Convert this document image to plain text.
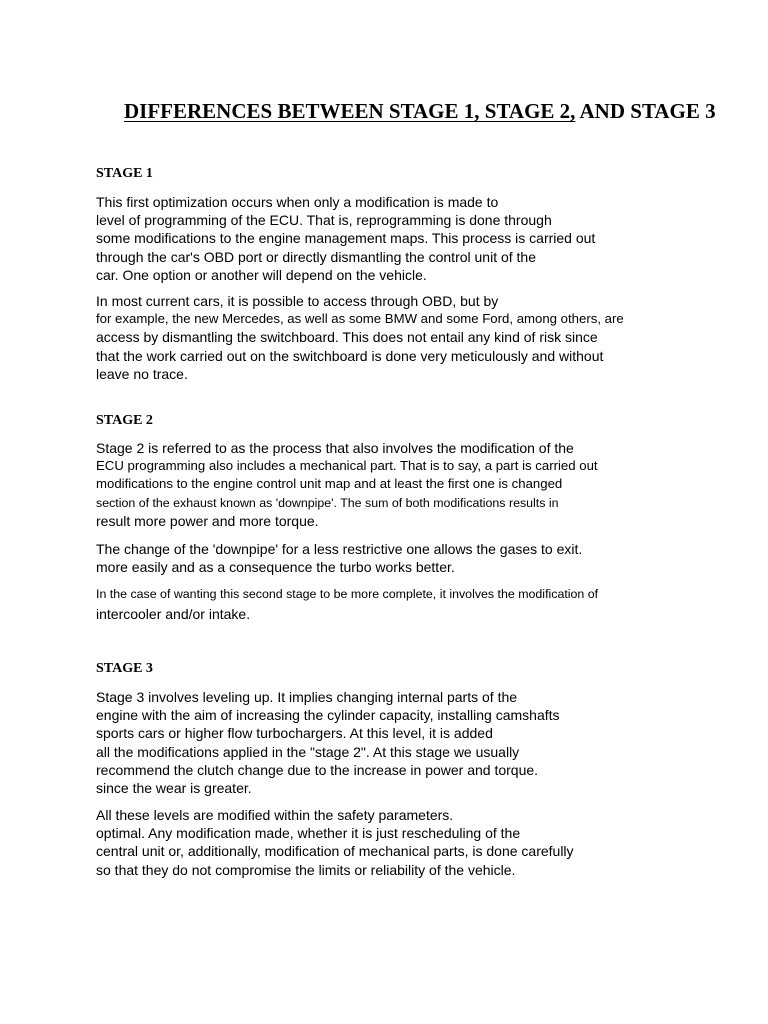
DIFFERENCES BETWEEN STAGE 1, STAGE 2, AND STAGE 3
STAGE 1
This first optimization occurs when only a modification is made to
level of programming of the ECU. That is, reprogramming is done through
some modifications to the engine management maps. This process is carried out
through the car's OBD port or directly dismantling the control unit of the
car. One option or another will depend on the vehicle.
In most current cars, it is possible to access through OBD, but by
for example, the new Mercedes, as well as some BMW and some Ford, among others, are
access by dismantling the switchboard. This does not entail any kind of risk since
that the work carried out on the switchboard is done very meticulously and without
leave no trace.
STAGE 2
Stage 2 is referred to as the process that also involves the modification of the
ECU programming also includes a mechanical part. That is to say, a part is carried out
modifications to the engine control unit map and at least the first one is changed
section of the exhaust known as 'downpipe'. The sum of both modifications results in
result more power and more torque.
The change of the 'downpipe' for a less restrictive one allows the gases to exit.
more easily and as a consequence the turbo works better.
In the case of wanting this second stage to be more complete, it involves the modification of
intercooler and/or intake.
STAGE 3
Stage 3 involves leveling up. It implies changing internal parts of the
engine with the aim of increasing the cylinder capacity, installing camshafts
sports cars or higher flow turbochargers. At this level, it is added
all the modifications applied in the "stage 2". At this stage we usually
recommend the clutch change due to the increase in power and torque.
since the wear is greater.
All these levels are modified within the safety parameters.
optimal. Any modification made, whether it is just rescheduling of the
central unit or, additionally, modification of mechanical parts, is done carefully
so that they do not compromise the limits or reliability of the vehicle.
